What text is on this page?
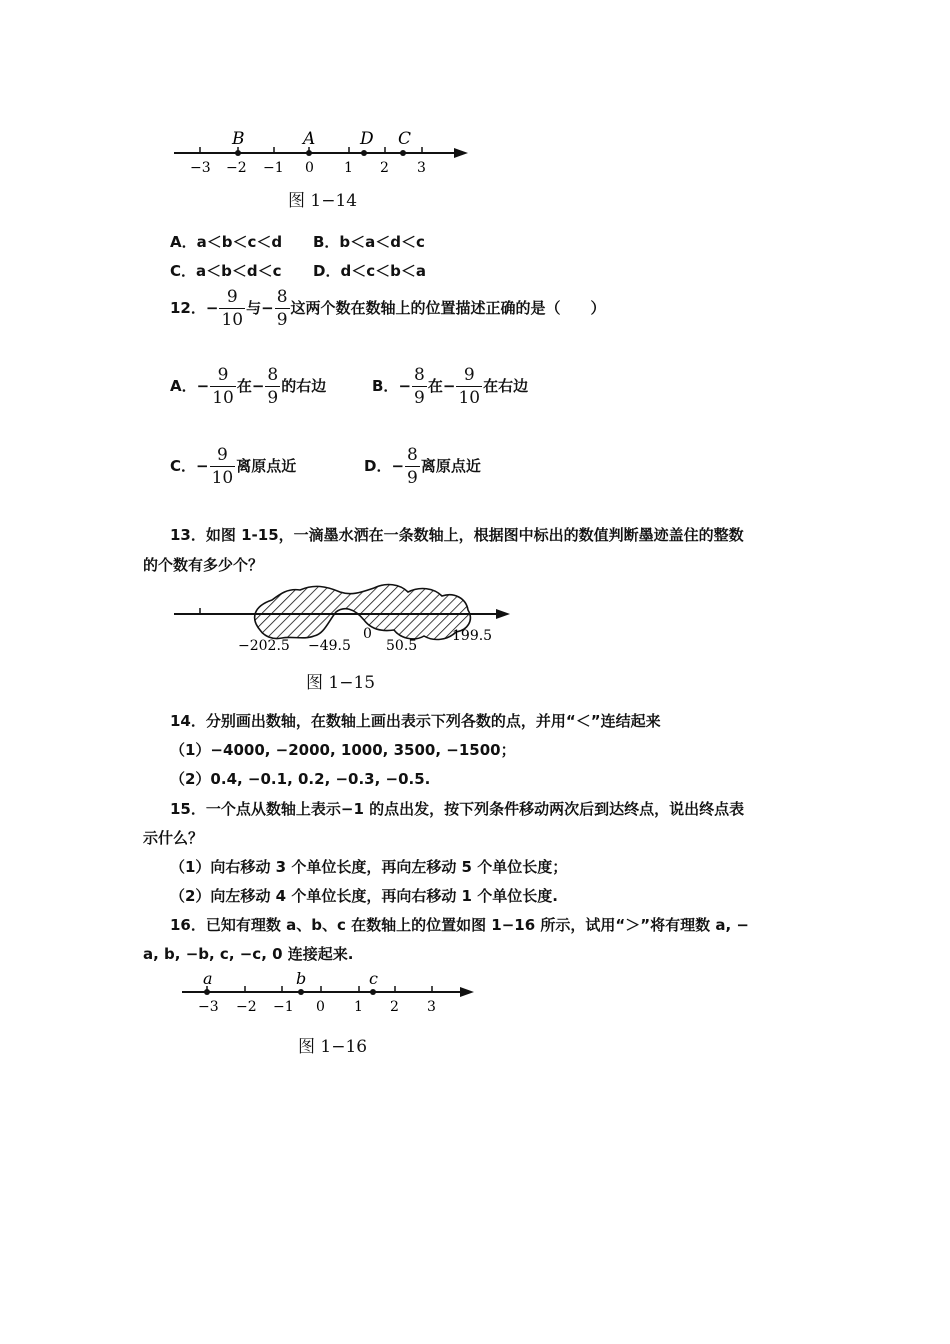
B	A	D C
−3 −2 −1 0 1 2 3
图 1−14
A．a＜b＜c＜d B．b＜a＜d＜c
C．a＜b＜d＜c D．d＜c＜b＜a
12．− $\frac{9}{10}$ 与− $\frac{8}{9}$ 这两个数在数轴上的位置描述正确的是（　　）
A．− $\frac{9}{10}$ 在− $\frac{8}{9}$ 的右边	B．− $\frac{8}{9}$ 在− $\frac{9}{10}$ 在右边
C．− $\frac{9}{10}$ 离原点近	D．− $\frac{8}{9}$ 离原点近
13．如图 1-15，一滴墨水洒在一条数轴上，根据图中标出的数值判断墨迹盖住的整数
的个数有多少个？
−202.5 −49.5
0
50.5
199.5
图 1−15
14．分别画出数轴，在数轴上画出表示下列各数的点，并用“＜”连结起来
（1）−4000, −2000, 1000, 3500, −1500；
（2）0.4, −0.1, 0.2, −0.3, −0.5.
15．一个点从数轴上表示−1 的点出发，按下列条件移动两次后到达终点，说出终点表
示什么？
（1）向右移动 3 个单位长度，再向左移动 5 个单位长度；
（2）向左移动 4 个单位长度，再向右移动 1 个单位长度.
16．已知有理数 a、b、c 在数轴上的位置如图 1−16 所示，试用“＞”将有理数 a, −
a, b, −b, c, −c, 0 连接起来.
a	b	c
−3 −2 −1 0 1 2 3
图 1−16
